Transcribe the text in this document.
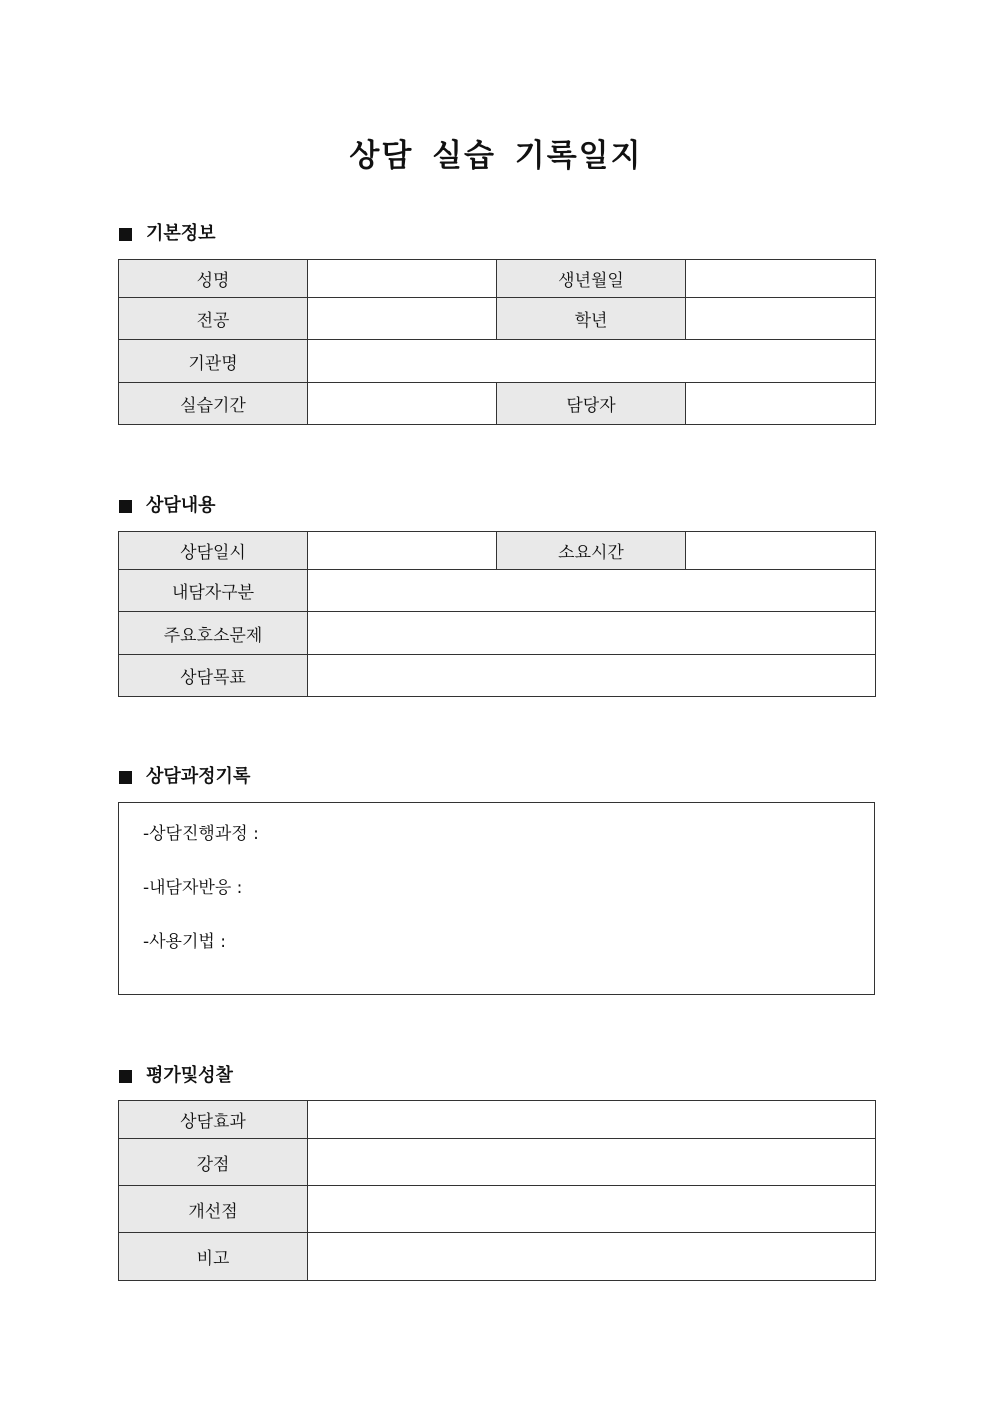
상담 실습 기록일지
기본정보
성명		생년월일	
전공		학년	
기관명			
실습기간		담당자	
상담내용
상담일시		소요시간	
내담자구분			
주요호소문제			
상담목표			
상담과정기록
-상담진행과정 :
-내담자반응 :
-사용기법 :
평가및성찰
상담효과	
강점	
개선점	
비고	
